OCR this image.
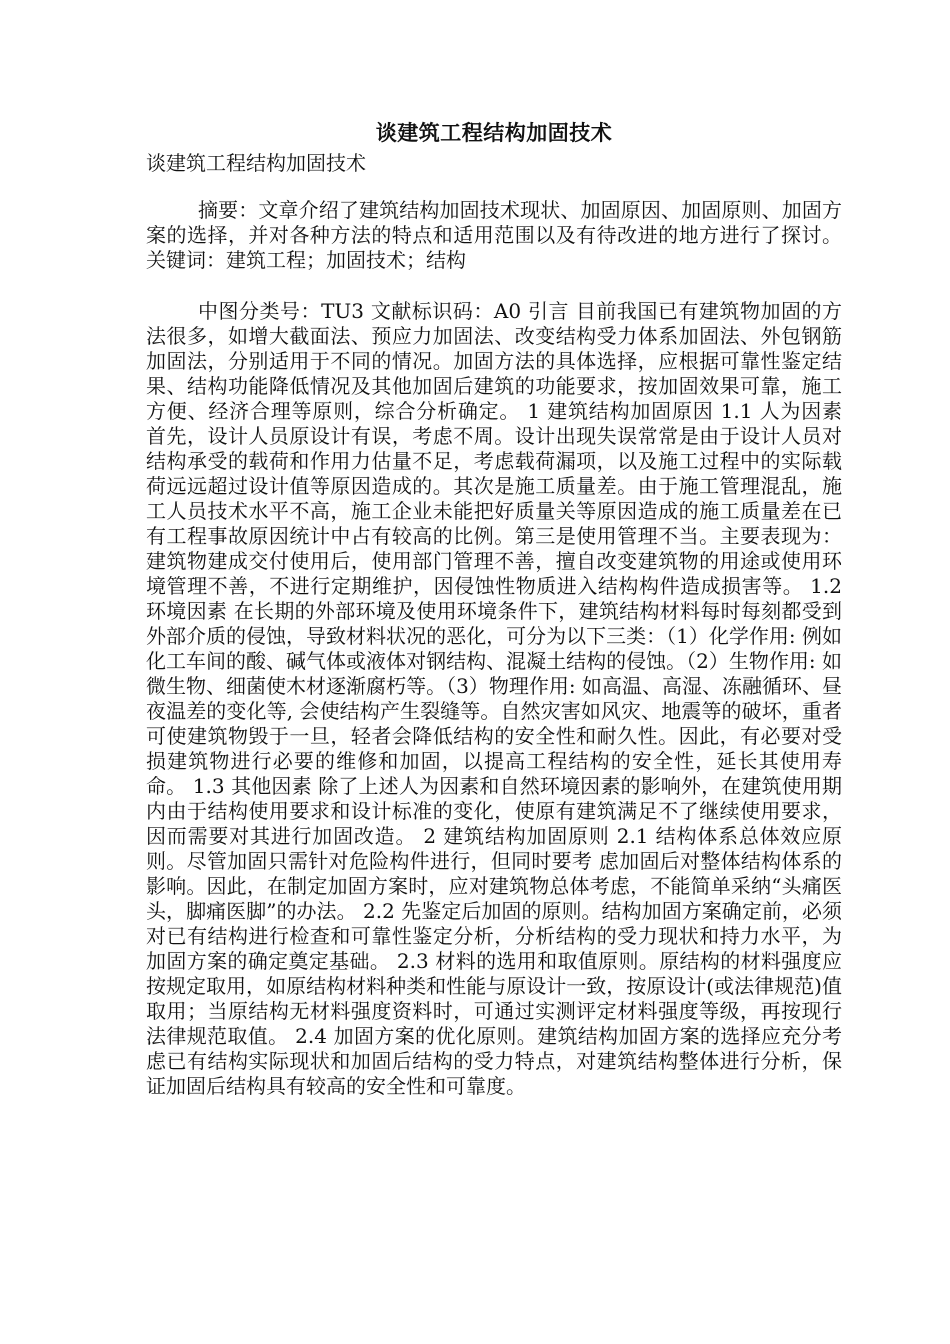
谈建筑工程结构加固技术
谈建筑工程结构加固技术

摘要：文章介绍了建筑结构加固技术现状、加固原因、加固原则、加固方案的选择，并对各种方法的特点和适用范围以及有待改进的地方进行了探讨。 关键词：建筑工程；加固技术；结构

中图分类号：TU3 文献标识码：A0 引言 目前我国已有建筑物加固的方法很多，如增大截面法、预应力加固法、改变结构受力体系加固法、外包钢筋加固法，分别适用于不同的情况。加固方法的具体选择，应根据可靠性鉴定结果、结构功能降低情况及其他加固后建筑的功能要求，按加固效果可靠，施工方便、经济合理等原则，综合分析确定。 1 建筑结构加固原因 1.1 人为因素 首先，设计人员原设计有误，考虑不周。设计出现失误常常是由于设计人员对结构承受的载荷和作用力估量不足，考虑载荷漏项，以及施工过程中的实际载荷远远超过设计值等原因造成的。其次是施工质量差。由于施工管理混乱，施工人员技术水平不高，施工企业未能把好质量关等原因造成的施工质量差在已有工程事故原因统计中占有较高的比例。第三是使用管理不当。主要表现为：建筑物建成交付使用后，使用部门管理不善，擅自改变建筑物的用途或使用环境管理不善，不进行定期维护，因侵蚀性物质进入结构构件造成损害等。 1.2 环境因素 在长期的外部环境及使用环境条件下，建筑结构材料每时每刻都受到外部介质的侵蚀，导致材料状况的恶化，可分为以下三类：（1）化学作用: 例如化工车间的酸、碱气体或液体对钢结构、混凝土结构的侵蚀。（2）生物作用: 如微生物、细菌使木材逐渐腐朽等。（3）物理作用: 如高温、高湿、冻融循环、昼夜温差的变化等, 会使结构产生裂缝等。自然灾害如风灾、地震等的破坏，重者可使建筑物毁于一旦，轻者会降低结构的安全性和耐久性。因此，有必要对受损建筑物进行必要的维修和加固，以提高工程结构的安全性，延长其使用寿命。 1.3 其他因素 除了上述人为因素和自然环境因素的影响外，在建筑使用期内由于结构使用要求和设计标准的变化，使原有建筑满足不了继续使用要求，因而需要对其进行加固改造。 2 建筑结构加固原则 2.1 结构体系总体效应原则。尽管加固只需针对危险构件进行，但同时要考 虑加固后对整体结构体系的影响。因此，在制定加固方案时，应对建筑物总体考虑，不能简单采纳“头痛医头，脚痛医脚”的办法。 2.2 先鉴定后加固的原则。结构加固方案确定前，必须对已有结构进行检查和可靠性鉴定分析，分析结构的受力现状和持力水平，为加固方案的确定奠定基础。 2.3 材料的选用和取值原则。原结构的材料强度应按规定取用，如原结构材料种类和性能与原设计一致，按原设计(或法律规范)值取用；当原结构无材料强度资料时，可通过实测评定材料强度等级，再按现行法律规范取值。 2.4 加固方案的优化原则。建筑结构加固方案的选择应充分考虑已有结构实际现状和加固后结构的受力特点，对建筑结构整体进行分析，保证加固后结构具有较高的安全性和可靠度。
